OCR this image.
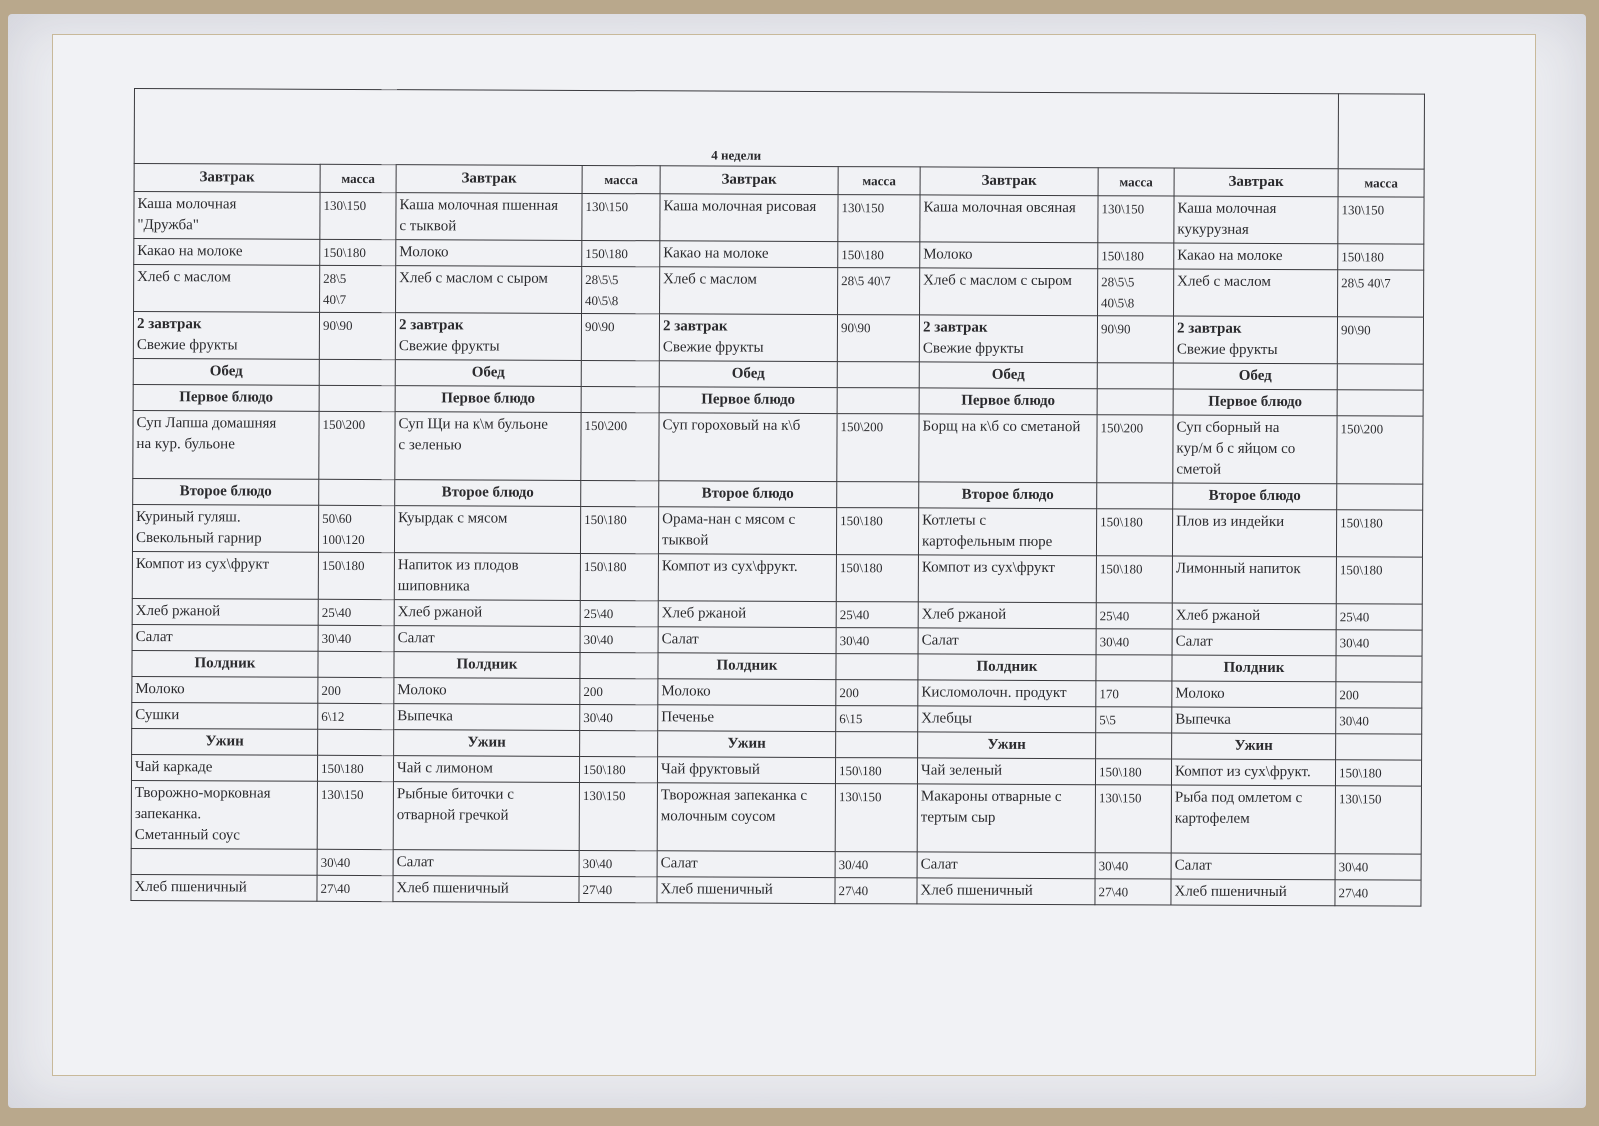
4 недели									
Завтрак	масса	Завтрак	масса	Завтрак	масса	Завтрак	масса	Завтрак	масса

Каша молочная
"Дружба"	130\150	Каша молочная пшенная
с тыквой	130\150	Каша молочная рисовая	130\150	Каша молочная овсяная	130\150	Каша молочная
кукурузная	130\150

Какао на молоке	150\180	Молоко	150\180	Какао на молоке	150\180	Молоко	150\180	Какао на молоке	150\180

Хлеб с маслом	28\5
40\7	Хлеб с маслом с сыром	28\5\5
40\5\8	Хлеб с маслом	28\5 40\7	Хлеб с маслом с сыром	28\5\5
40\5\8	Хлеб с маслом	28\5 40\7

2 завтрак
Свежие фрукты	90\90	2 завтрак
Свежие фрукты	90\90	2 завтрак
Свежие фрукты	90\90	2 завтрак
Свежие фрукты	90\90	2 завтрак
Свежие фрукты	90\90

Обед		Обед		Обед		Обед		Обед	
Первое блюдо		Первое блюдо		Первое блюдо		Первое блюдо		Первое блюдо	

Суп Лапша домашняя
на кур. бульоне	150\200	Суп Щи на к\м бульоне
с зеленью	150\200	Суп гороховый на к\б	150\200	Борщ на к\б со сметаной	150\200	Суп сборный на
кур/м б с яйцом со
сметой	150\200

Второе блюдо		Второе блюдо		Второе блюдо		Второе блюдо		Второе блюдо	

Куриный гуляш.
Свекольный гарнир	50\60
100\120	Куырдак с мясом	150\180	Орама-нан с мясом с
тыквой	150\180	Котлеты с
картофельным пюре	150\180	Плов из индейки	150\180

Компот из сух\фрукт	150\180	Напиток из плодов
шиповника	150\180	Компот из сух\фрукт.	150\180	Компот из сух\фрукт	150\180	Лимонный напиток	150\180

Хлеб ржаной	25\40	Хлеб ржаной	25\40	Хлеб ржаной	25\40	Хлеб ржаной	25\40	Хлеб ржаной	25\40

Салат	30\40	Салат	30\40	Салат	30\40	Салат	30\40	Салат	30\40

Полдник		Полдник		Полдник		Полдник		Полдник	

Молоко	200	Молоко	200	Молоко	200	Кисломолочн. продукт	170	Молоко	200

Сушки	6\12	Выпечка	30\40	Печенье	6\15	Хлебцы	5\5	Выпечка	30\40

Ужин		Ужин		Ужин		Ужин		Ужин	

Чай каркаде	150\180	Чай с лимоном	150\180	Чай фруктовый	150\180	Чай зеленый	150\180	Компот из сух\фрукт.	150\180

Творожно-морковная
запеканка.
Сметанный соус	130\150	Рыбные биточки с
отварной гречкой	130\150	Творожная запеканка с
молочным соусом	130\150	Макароны отварные с
тертым сыр	130\150	Рыба под омлетом с
картофелем	130\150

	30\40	Салат	30\40	Салат	30/40	Салат	30\40	Салат	30\40

Хлеб пшеничный	27\40	Хлеб пшеничный	27\40	Хлеб пшеничный	27\40	Хлеб пшеничный	27\40	Хлеб пшеничный	27\40
